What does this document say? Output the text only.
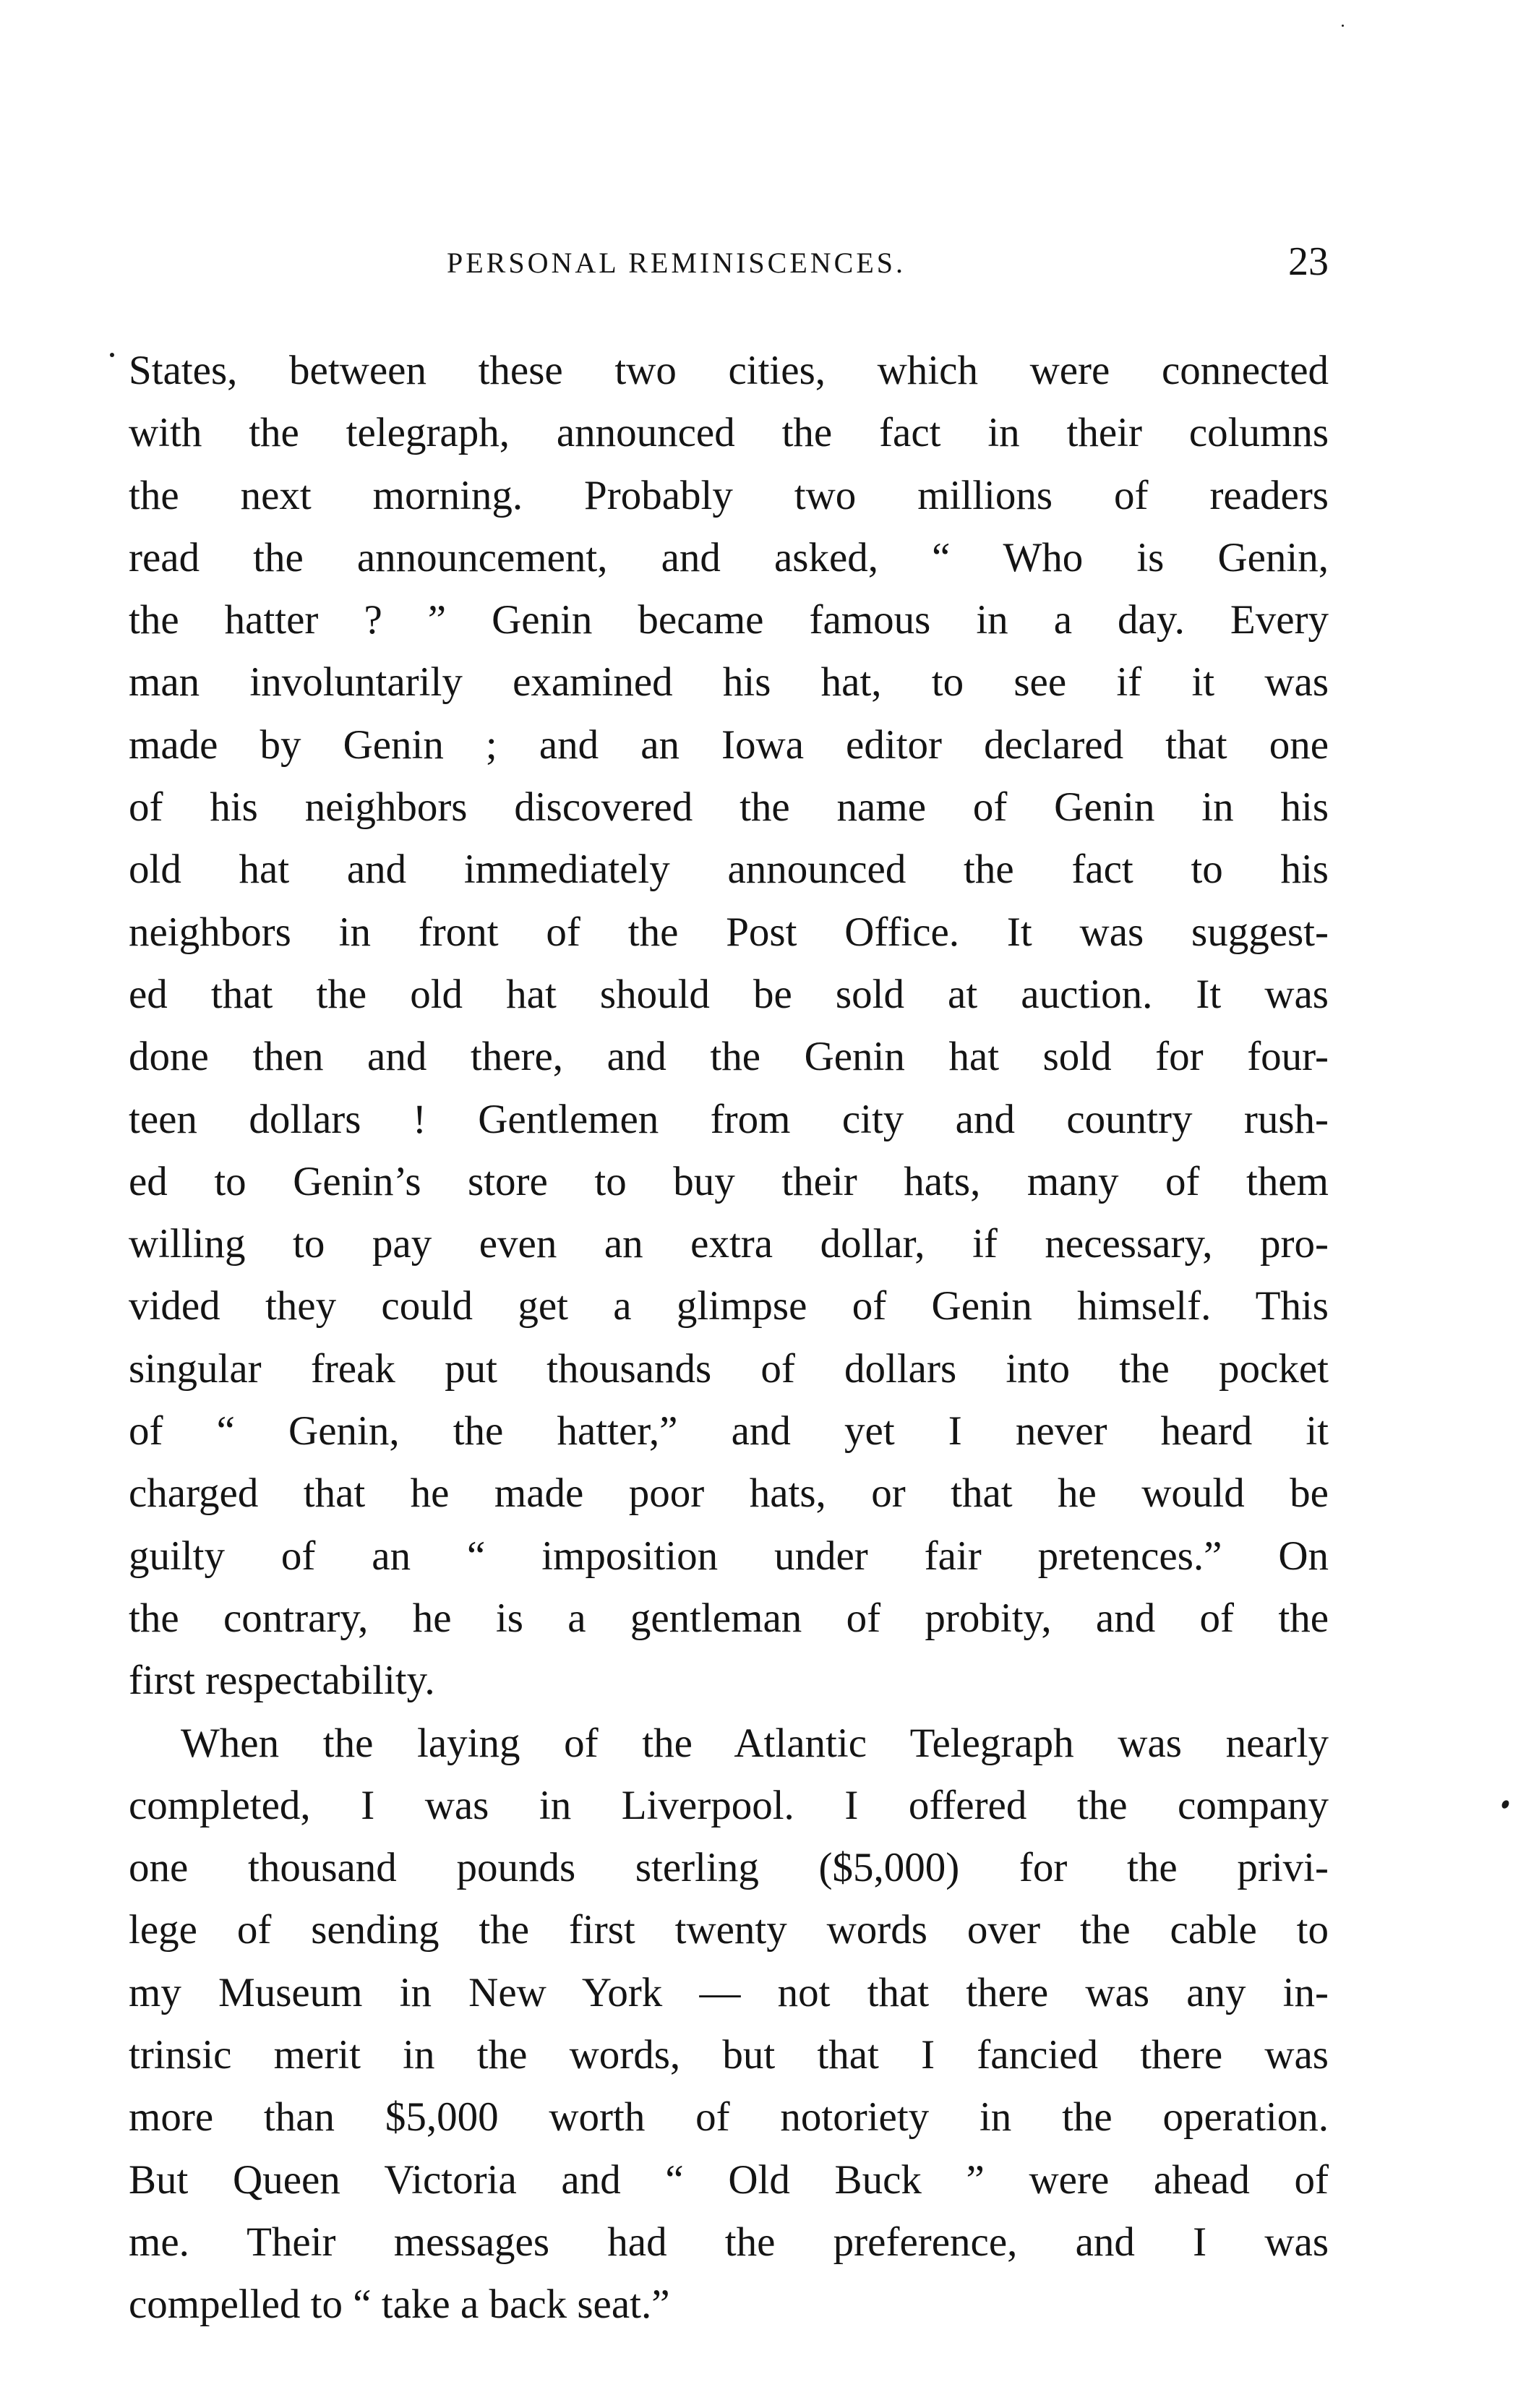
PERSONAL REMINISCENCES.	23
States, between these two cities, which were connected
with the telegraph, announced the fact in their columns
the next morning. Probably two millions of readers
read the announcement, and asked, “ Who is Genin,
the hatter ? ” Genin became famous in a day. Every
man involuntarily examined his hat, to see if it was
made by Genin ; and an Iowa editor declared that one
of his neighbors discovered the name of Genin in his
old hat and immediately announced the fact to his
neighbors in front of the Post Office. It was suggest-
ed that the old hat should be sold at auction. It was
done then and there, and the Genin hat sold for four-
teen dollars ! Gentlemen from city and country rush-
ed to Genin’s store to buy their hats, many of them
willing to pay even an extra dollar, if necessary, pro-
vided they could get a glimpse of Genin himself. This
singular freak put thousands of dollars into the pocket
of “ Genin, the hatter,” and yet I never heard it
charged that he made poor hats, or that he would be
guilty of an “ imposition under fair pretences.” On
the contrary, he is a gentleman of probity, and of the
first respectability.
When the laying of the Atlantic Telegraph was nearly
completed, I was in Liverpool. I offered the company
one thousand pounds sterling ($5,000) for the privi-
lege of sending the first twenty words over the cable to
my Museum in New York — not that there was any in-
trinsic merit in the words, but that I fancied there was
more than $5,000 worth of notoriety in the operation.
But Queen Victoria and “ Old Buck ” were ahead of
me. Their messages had the preference, and I was
compelled to “ take a back seat.”
